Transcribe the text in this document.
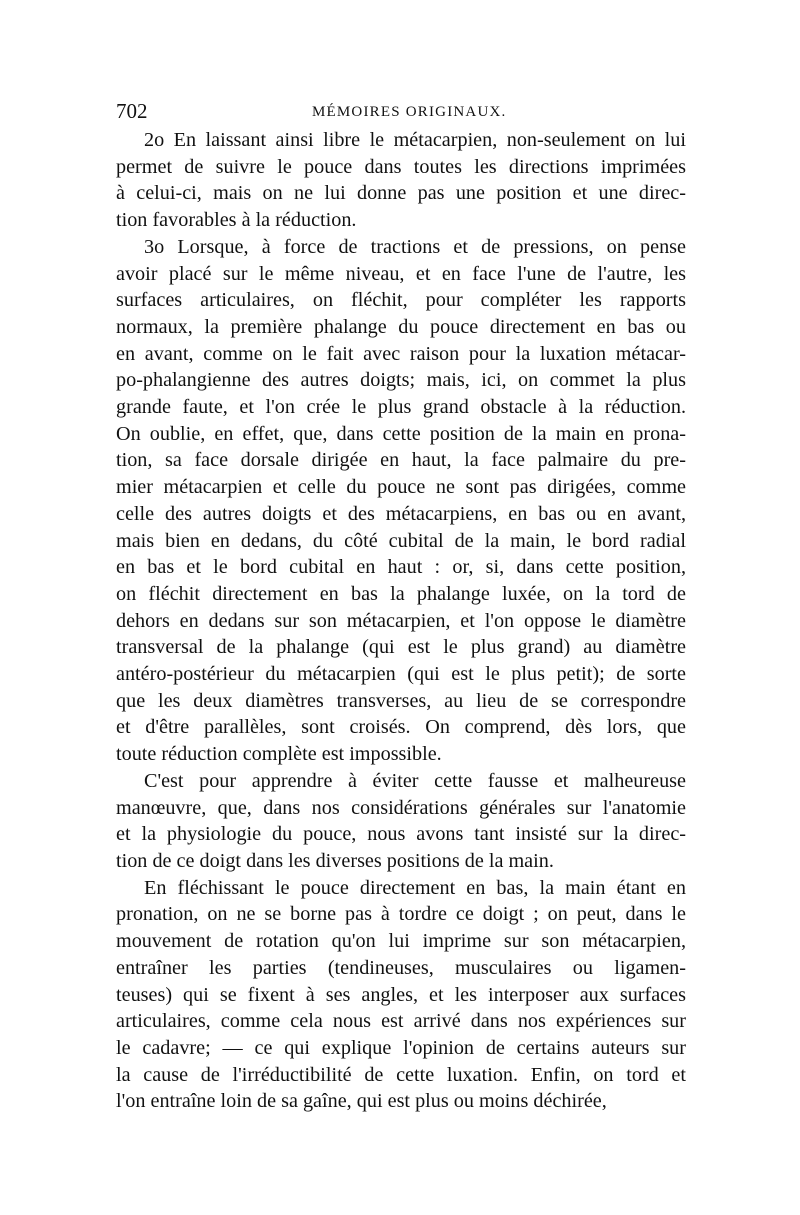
702	MÉMOIRES ORIGINAUX.
2o En laissant ainsi libre le métacarpien, non-seulement on lui
permet de suivre le pouce dans toutes les directions imprimées
à celui-ci, mais on ne lui donne pas une position et une direc-
tion favorables à la réduction.
3o Lorsque, à force de tractions et de pressions, on pense
avoir placé sur le même niveau, et en face l'une de l'autre, les
surfaces articulaires, on fléchit, pour compléter les rapports
normaux, la première phalange du pouce directement en bas ou
en avant, comme on le fait avec raison pour la luxation métacar-
po-phalangienne des autres doigts; mais, ici, on commet la plus
grande faute, et l'on crée le plus grand obstacle à la réduction.
On oublie, en effet, que, dans cette position de la main en prona-
tion, sa face dorsale dirigée en haut, la face palmaire du pre-
mier métacarpien et celle du pouce ne sont pas dirigées, comme
celle des autres doigts et des métacarpiens, en bas ou en avant,
mais bien en dedans, du côté cubital de la main, le bord radial
en bas et le bord cubital en haut : or, si, dans cette position,
on fléchit directement en bas la phalange luxée, on la tord de
dehors en dedans sur son métacarpien, et l'on oppose le diamètre
transversal de la phalange (qui est le plus grand) au diamètre
antéro-postérieur du métacarpien (qui est le plus petit); de sorte
que les deux diamètres transverses, au lieu de se correspondre
et d'être parallèles, sont croisés. On comprend, dès lors, que
toute réduction complète est impossible.
C'est pour apprendre à éviter cette fausse et malheureuse
manœuvre, que, dans nos considérations générales sur l'anatomie
et la physiologie du pouce, nous avons tant insisté sur la direc-
tion de ce doigt dans les diverses positions de la main.
En fléchissant le pouce directement en bas, la main étant en
pronation, on ne se borne pas à tordre ce doigt ; on peut, dans le
mouvement de rotation qu'on lui imprime sur son métacarpien,
entraîner les parties (tendineuses, musculaires ou ligamen-
teuses) qui se fixent à ses angles, et les interposer aux surfaces
articulaires, comme cela nous est arrivé dans nos expériences sur
le cadavre; — ce qui explique l'opinion de certains auteurs sur
la cause de l'irréductibilité de cette luxation. Enfin, on tord et
l'on entraîne loin de sa gaîne, qui est plus ou moins déchirée,
